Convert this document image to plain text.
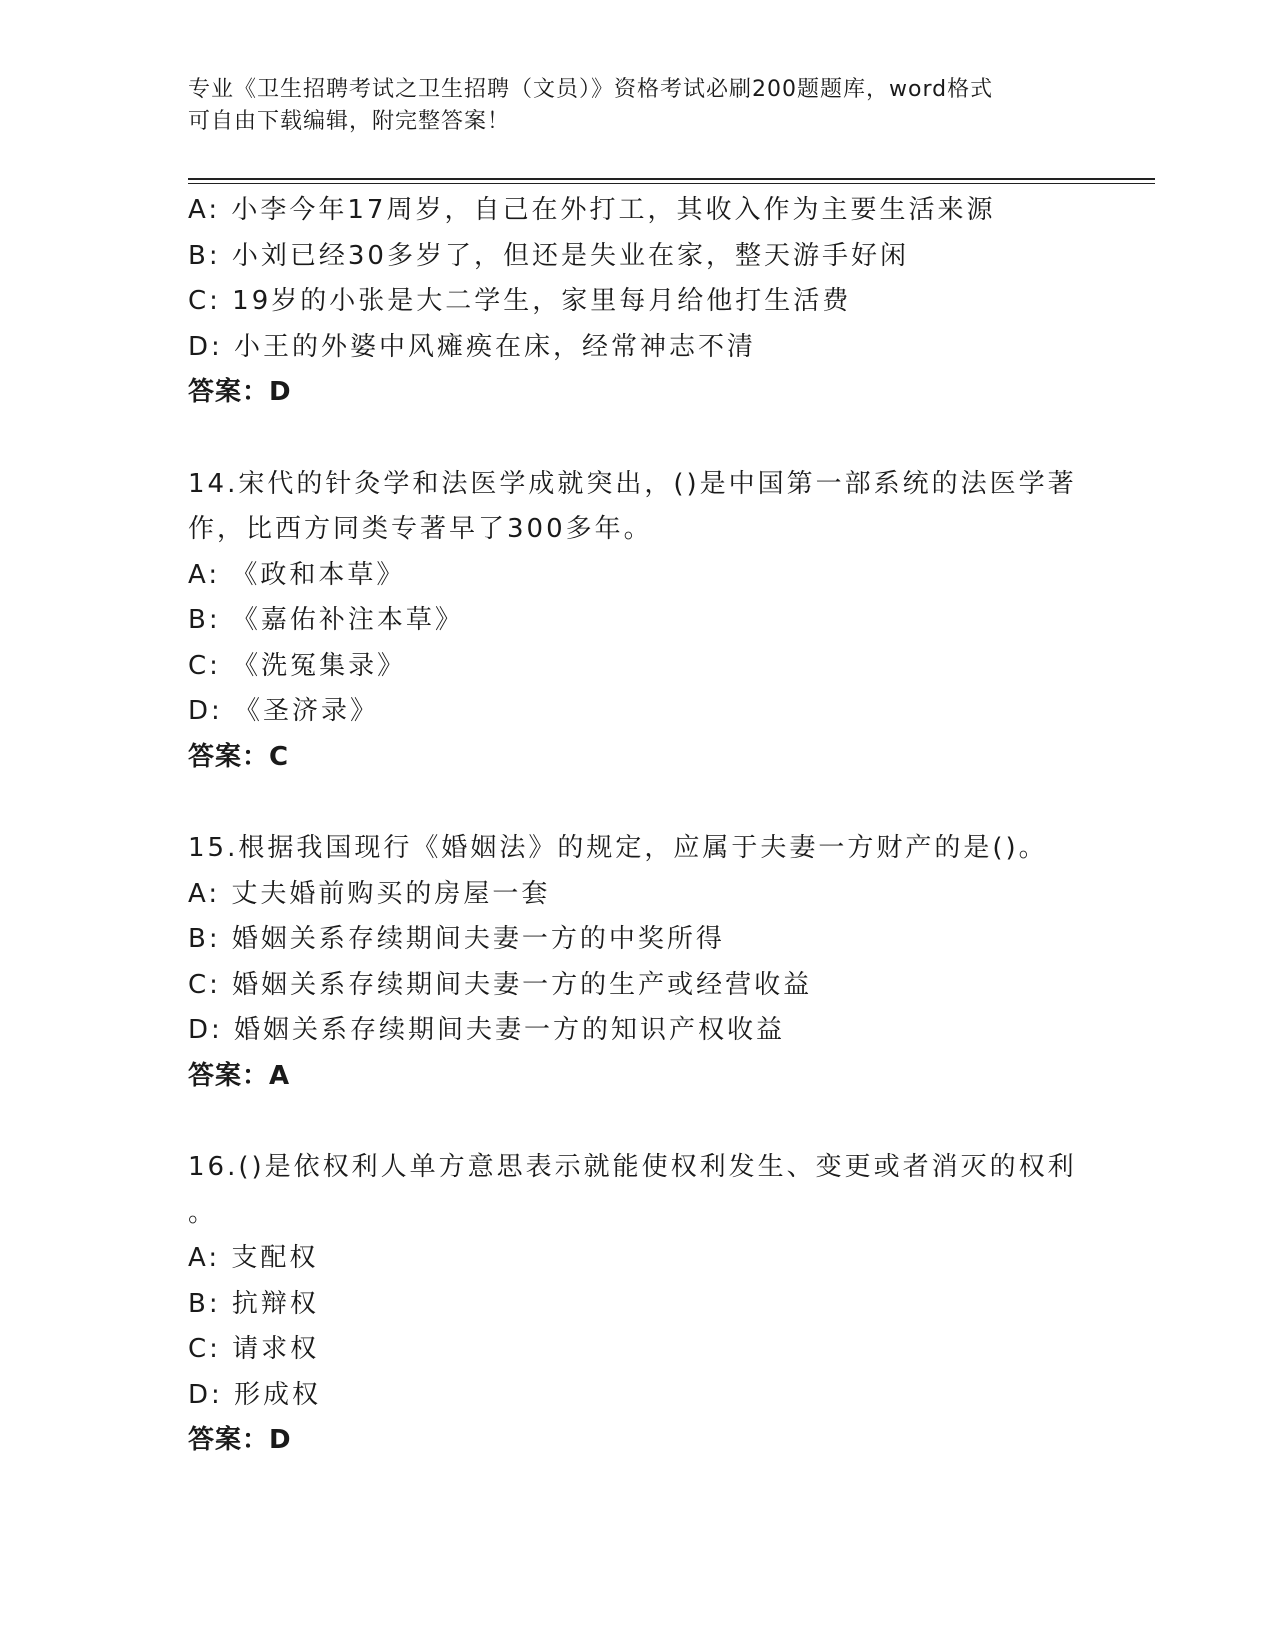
专业《卫生招聘考试之卫生招聘（文员）》资格考试必刷200题题库，word格式
可自由下载编辑，附完整答案！
A: 小李今年17周岁，自己在外打工，其收入作为主要生活来源
B: 小刘已经30多岁了，但还是失业在家，整天游手好闲
C: 19岁的小张是大二学生，家里每月给他打生活费
D: 小王的外婆中风瘫痪在床，经常神志不清
答案：D
14.宋代的针灸学和法医学成就突出，()是中国第一部系统的法医学著
作，比西方同类专著早了300多年。
A: 《政和本草》
B: 《嘉佑补注本草》
C: 《洗冤集录》
D: 《圣济录》
答案：C
15.根据我国现行《婚姻法》的规定，应属于夫妻一方财产的是()。
A: 丈夫婚前购买的房屋一套
B: 婚姻关系存续期间夫妻一方的中奖所得
C: 婚姻关系存续期间夫妻一方的生产或经营收益
D: 婚姻关系存续期间夫妻一方的知识产权收益
答案：A
16.()是依权利人单方意思表示就能使权利发生、变更或者消灭的权利
。
A: 支配权
B: 抗辩权
C: 请求权
D: 形成权
答案：D
